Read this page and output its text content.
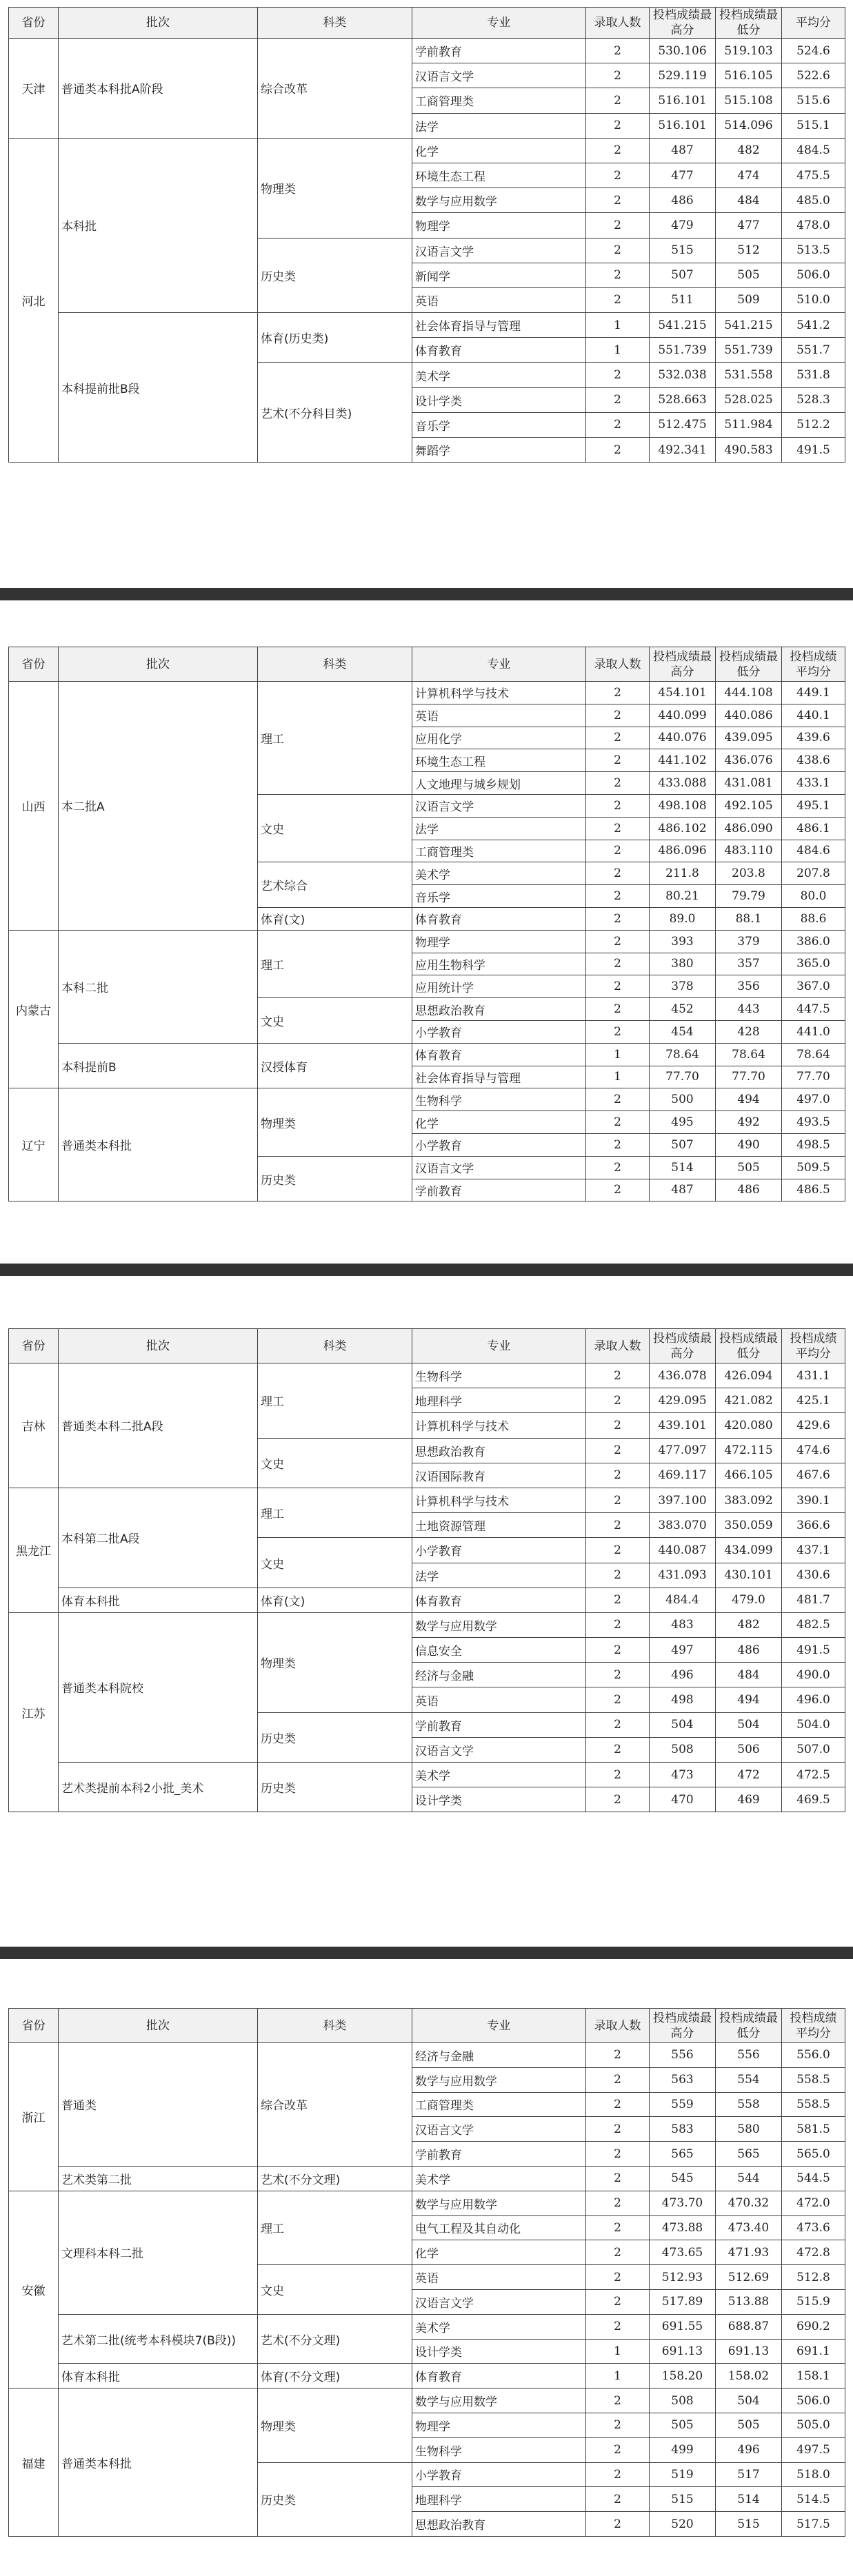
省份	批次	科类	专业	录取人数	投档成绩最高分	投档成绩最低分	平均分
天津	普通类本科批A阶段	综合改革	学前教育	2	530.106	519.103	524.6
			汉语言文学	2	529.119	516.105	522.6
			工商管理类	2	516.101	515.108	515.6
			法学	2	516.101	514.096	515.1
河北	本科批	物理类	化学	2	487	482	484.5
			环境生态工程	2	477	474	475.5
			数学与应用数学	2	486	484	485.0
			物理学	2	479	477	478.0
		历史类	汉语言文学	2	515	512	513.5
			新闻学	2	507	505	506.0
			英语	2	511	509	510.0
	本科提前批B段	体育(历史类)	社会体育指导与管理	1	541.215	541.215	541.2
			体育教育	1	551.739	551.739	551.7
		艺术(不分科目类)	美术学	2	532.038	531.558	531.8
			设计学类	2	528.663	528.025	528.3
			音乐学	2	512.475	511.984	512.2
			舞蹈学	2	492.341	490.583	491.5
省份	批次	科类	专业	录取人数	投档成绩最高分	投档成绩最低分	投档成绩平均分
山西	本二批A	理工	计算机科学与技术	2	454.101	444.108	449.1
			英语	2	440.099	440.086	440.1
			应用化学	2	440.076	439.095	439.6
			环境生态工程	2	441.102	436.076	438.6
			人文地理与城乡规划	2	433.088	431.081	433.1
		文史	汉语言文学	2	498.108	492.105	495.1
			法学	2	486.102	486.090	486.1
			工商管理类	2	486.096	483.110	484.6
		艺术综合	美术学	2	211.8	203.8	207.8
			音乐学	2	80.21	79.79	80.0
		体育(文)	体育教育	2	89.0	88.1	88.6
内蒙古	本科二批	理工	物理学	2	393	379	386.0
			应用生物科学	2	380	357	365.0
			应用统计学	2	378	356	367.0
		文史	思想政治教育	2	452	443	447.5
			小学教育	2	454	428	441.0
	本科提前B	汉授体育	体育教育	1	78.64	78.64	78.64
			社会体育指导与管理	1	77.70	77.70	77.70
辽宁	普通类本科批	物理类	生物科学	2	500	494	497.0
			化学	2	495	492	493.5
			小学教育	2	507	490	498.5
		历史类	汉语言文学	2	514	505	509.5
			学前教育	2	487	486	486.5
省份	批次	科类	专业	录取人数	投档成绩最高分	投档成绩最低分	投档成绩平均分
吉林	普通类本科二批A段	理工	生物科学	2	436.078	426.094	431.1
			地理科学	2	429.095	421.082	425.1
			计算机科学与技术	2	439.101	420.080	429.6
		文史	思想政治教育	2	477.097	472.115	474.6
			汉语国际教育	2	469.117	466.105	467.6
黑龙江	本科第二批A段	理工	计算机科学与技术	2	397.100	383.092	390.1
			土地资源管理	2	383.070	350.059	366.6
		文史	小学教育	2	440.087	434.099	437.1
			法学	2	431.093	430.101	430.6
	体育本科批	体育(文)	体育教育	2	484.4	479.0	481.7
江苏	普通类本科院校	物理类	数学与应用数学	2	483	482	482.5
			信息安全	2	497	486	491.5
			经济与金融	2	496	484	490.0
			英语	2	498	494	496.0
		历史类	学前教育	2	504	504	504.0
			汉语言文学	2	508	506	507.0
	艺术类提前本科2小批_美术	历史类	美术学	2	473	472	472.5
			设计学类	2	470	469	469.5
省份	批次	科类	专业	录取人数	投档成绩最高分	投档成绩最低分	投档成绩平均分
浙江	普通类	综合改革	经济与金融	2	556	556	556.0
			数学与应用数学	2	563	554	558.5
			工商管理类	2	559	558	558.5
			汉语言文学	2	583	580	581.5
			学前教育	2	565	565	565.0
	艺术类第二批	艺术(不分文理)	美术学	2	545	544	544.5
安徽	文理科本科二批	理工	数学与应用数学	2	473.70	470.32	472.0
			电气工程及其自动化	2	473.88	473.40	473.6
			化学	2	473.65	471.93	472.8
		文史	英语	2	512.93	512.69	512.8
			汉语言文学	2	517.89	513.88	515.9
	艺术第二批(统考本科模块7(B段))	艺术(不分文理)	美术学	2	691.55	688.87	690.2
			设计学类	1	691.13	691.13	691.1
	体育本科批	体育(不分文理)	体育教育	1	158.20	158.02	158.1
福建	普通类本科批	物理类	数学与应用数学	2	508	504	506.0
			物理学	2	505	505	505.0
			生物科学	2	499	496	497.5
		历史类	小学教育	2	519	517	518.0
			地理科学	2	515	514	514.5
			思想政治教育	2	520	515	517.5
